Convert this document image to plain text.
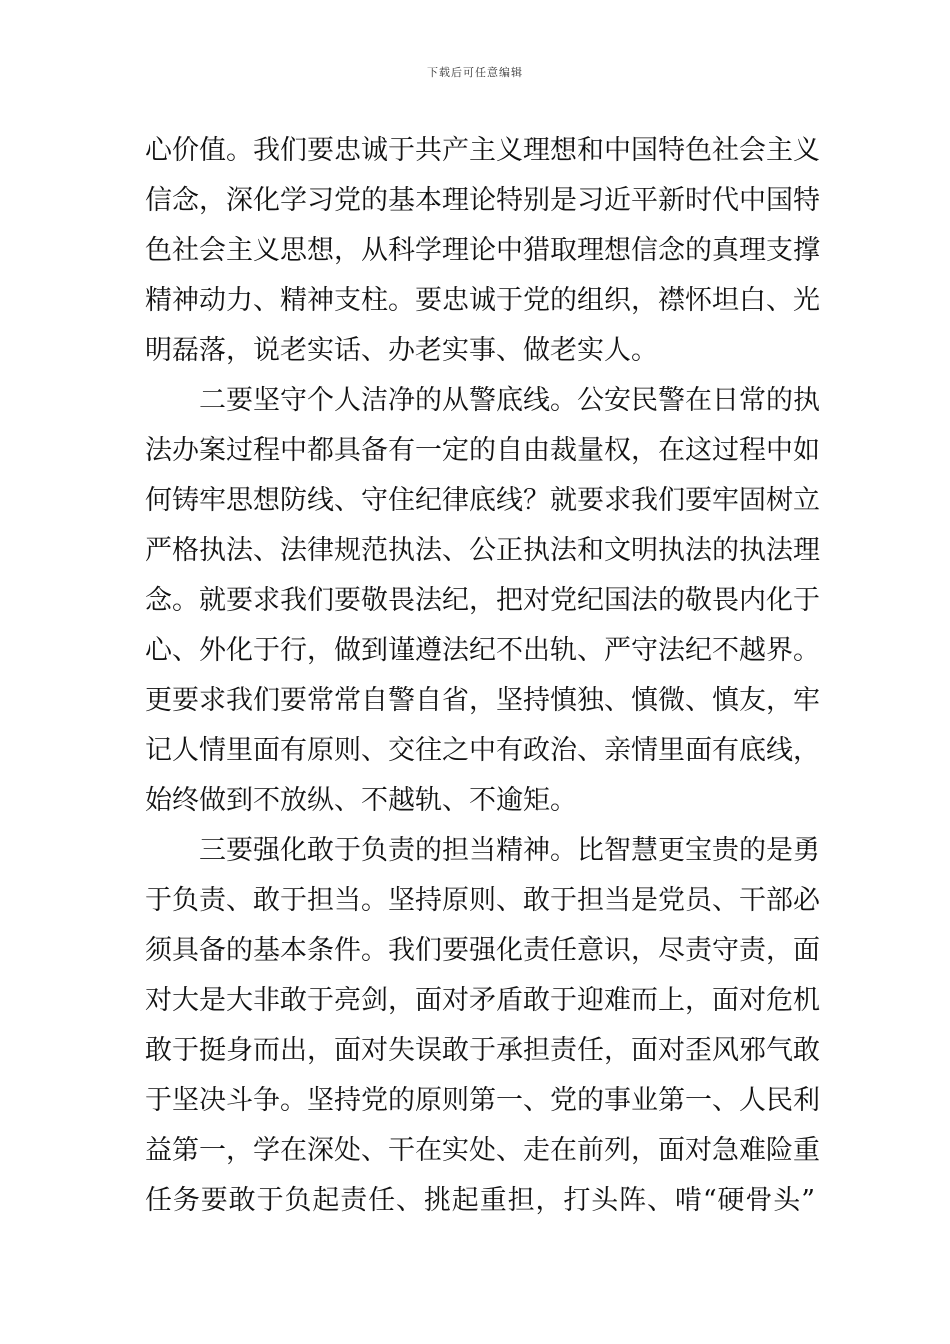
下载后可任意编辑
心价值。我们要忠诚于共产主义理想和中国特色社会主义
信念，深化学习党的基本理论特别是习近平新时代中国特
色社会主义思想，从科学理论中猎取理想信念的真理支撑
精神动力、精神支柱。要忠诚于党的组织，襟怀坦白、光
明磊落，说老实话、办老实事、做老实人。
二要坚守个人洁净的从警底线。公安民警在日常的执
法办案过程中都具备有一定的自由裁量权，在这过程中如
何铸牢思想防线、守住纪律底线？就要求我们要牢固树立
严格执法、法律规范执法、公正执法和文明执法的执法理
念。就要求我们要敬畏法纪，把对党纪国法的敬畏内化于
心、外化于行，做到谨遵法纪不出轨、严守法纪不越界。
更要求我们要常常自警自省，坚持慎独、慎微、慎友，牢
记人情里面有原则、交往之中有政治、亲情里面有底线，
始终做到不放纵、不越轨、不逾矩。
三要强化敢于负责的担当精神。比智慧更宝贵的是勇
于负责、敢于担当。坚持原则、敢于担当是党员、干部必
须具备的基本条件。我们要强化责任意识，尽责守责，面
对大是大非敢于亮剑，面对矛盾敢于迎难而上，面对危机
敢于挺身而出，面对失误敢于承担责任，面对歪风邪气敢
于坚决斗争。坚持党的原则第一、党的事业第一、人民利
益第一，学在深处、干在实处、走在前列，面对急难险重
任务要敢于负起责任、挑起重担，打头阵、啃“硬骨头”
